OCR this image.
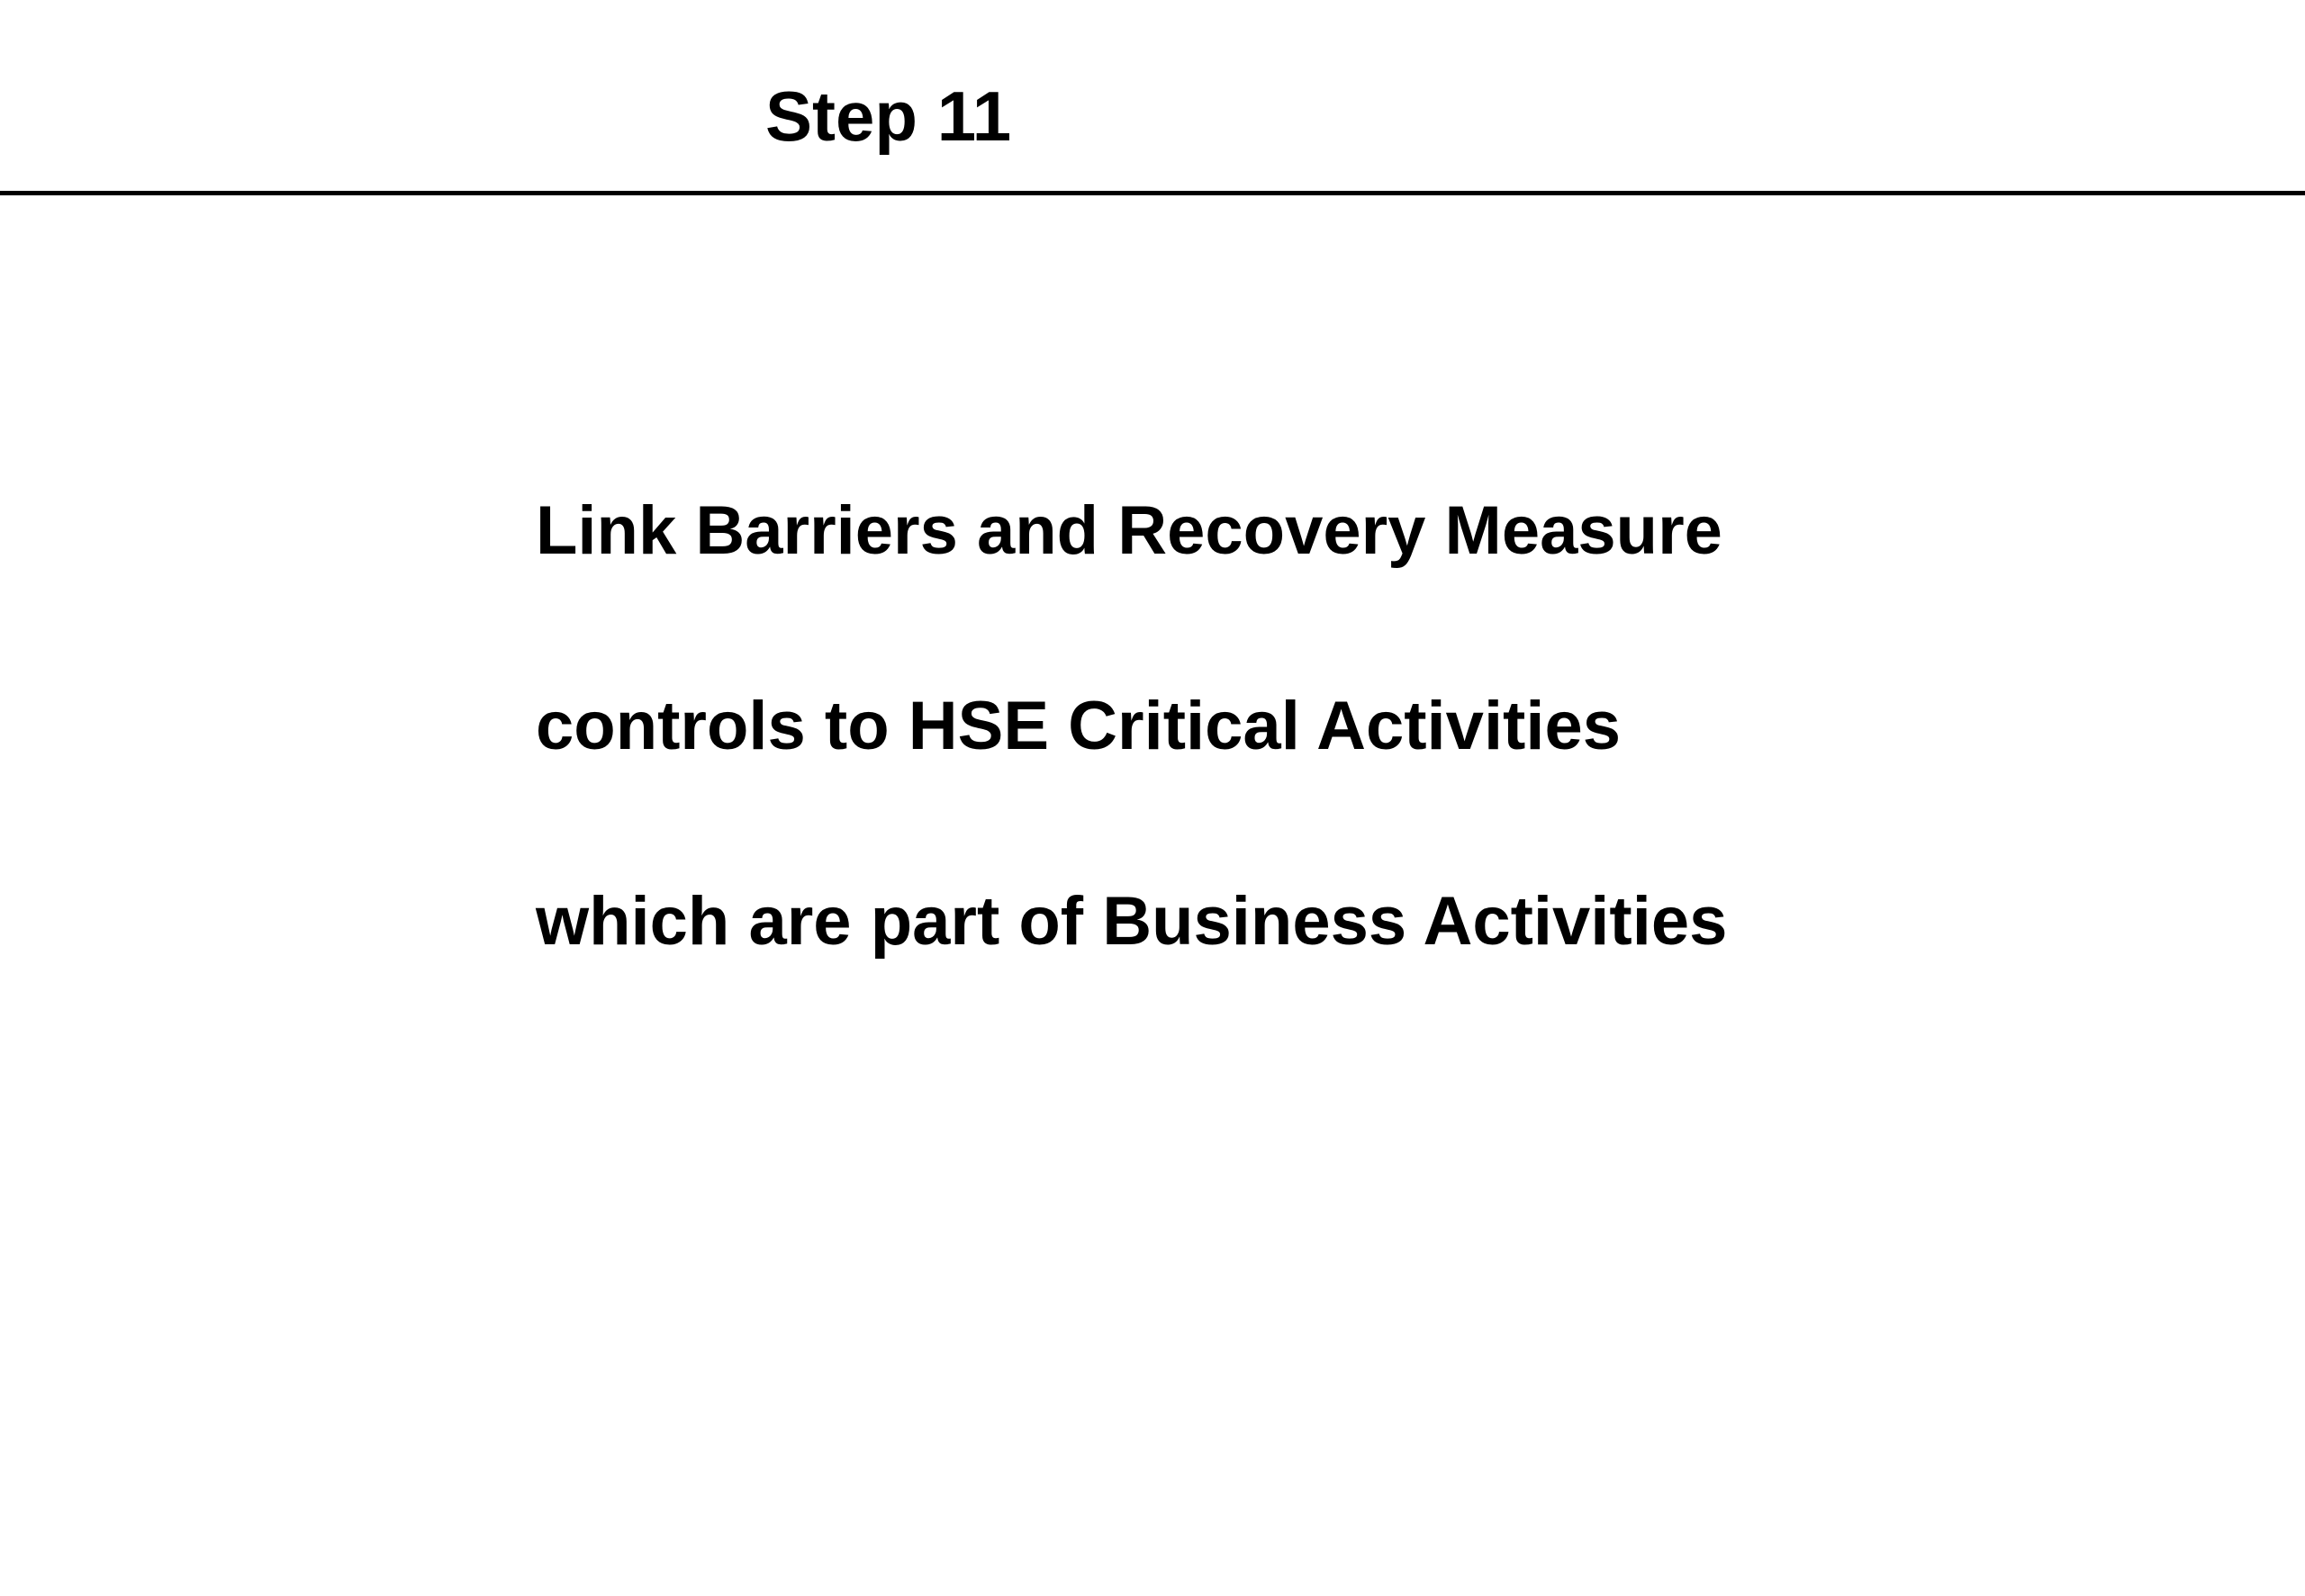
Step 11

Link Barriers and Recovery Measure

controls to HSE Critical Activities

which are part of Business Activities
